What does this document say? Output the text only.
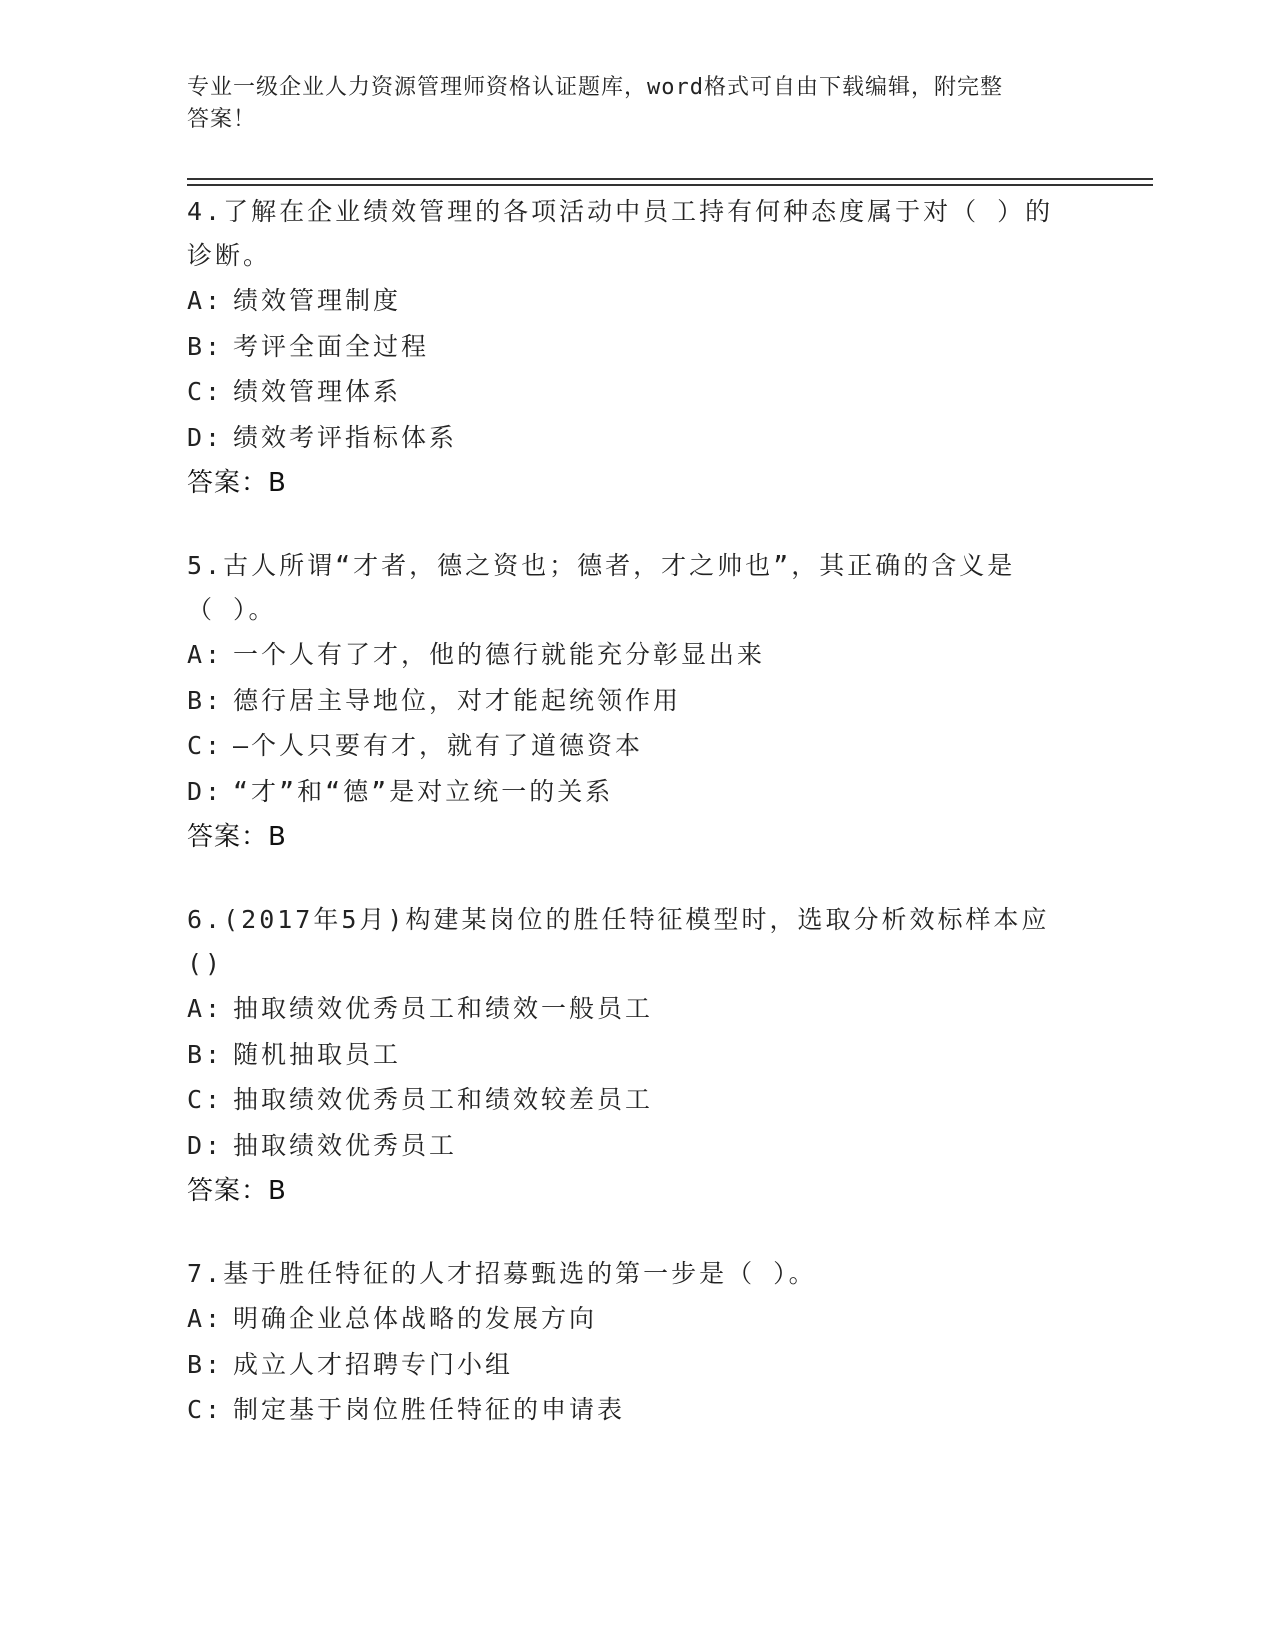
专业一级企业人力资源管理师资格认证题库，word格式可自由下载编辑，附完整
答案！

4.了解在企业绩效管理的各项活动中员工持有何种态度属于对（ ）的

诊断。

A: 绩效管理制度

B: 考评全面全过程

C: 绩效管理体系

D: 绩效考评指标体系

答案：B

5.古人所谓“才者，德之资也；德者，才之帅也”，其正确的含义是

（ ）。

A: 一个人有了才，他的德行就能充分彰显出来

B: 德行居主导地位，对才能起统领作用

C: —个人只要有才，就有了道德资本

D: “才”和“德”是对立统一的关系

答案：B

6.(2017年5月)构建某岗位的胜任特征模型时，选取分析效标样本应

()

A: 抽取绩效优秀员工和绩效一般员工

B: 随机抽取员工

C: 抽取绩效优秀员工和绩效较差员工

D: 抽取绩效优秀员工

答案：B

7.基于胜任特征的人才招募甄选的第一步是（ ）。

A: 明确企业总体战略的发展方向

B: 成立人才招聘专门小组

C: 制定基于岗位胜任特征的申请表
